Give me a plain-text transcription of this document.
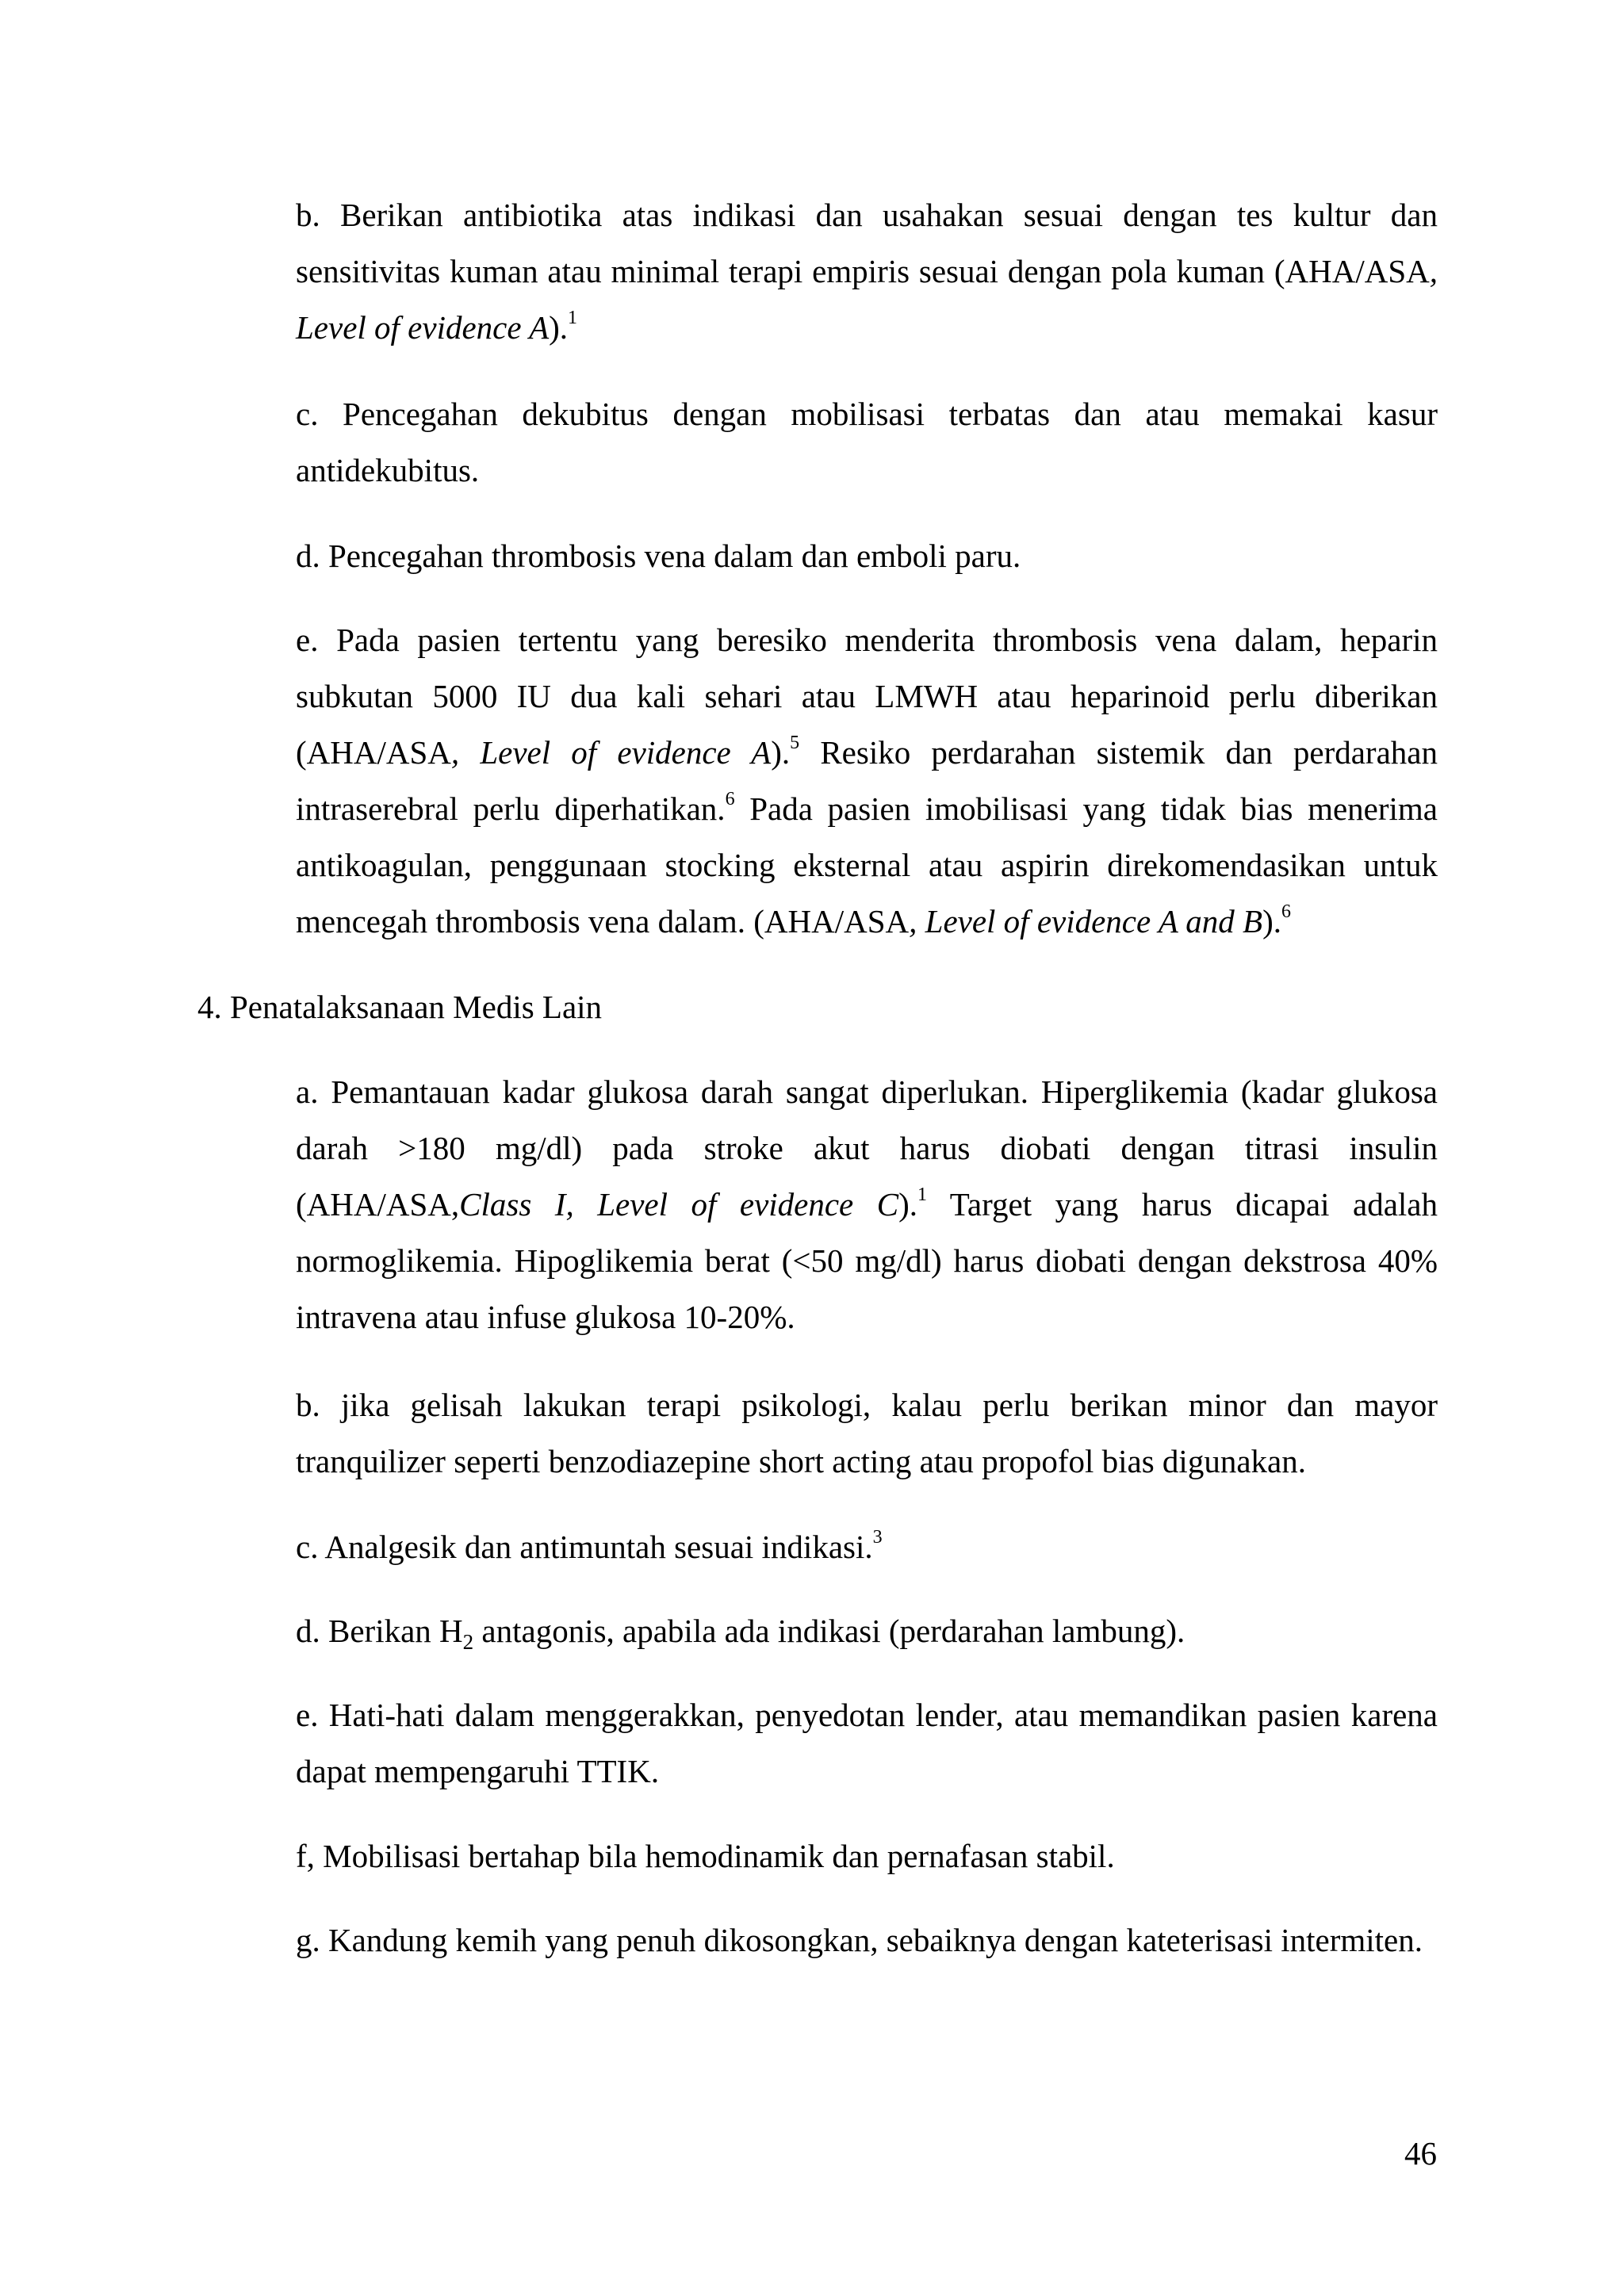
b. Berikan antibiotika atas indikasi dan usahakan sesuai dengan tes kultur dan sensitivitas kuman atau minimal terapi empiris sesuai dengan pola kuman (AHA/ASA, Level of evidence A).$^1$

c. Pencegahan dekubitus dengan mobilisasi terbatas dan atau memakai kasur antidekubitus.

d. Pencegahan thrombosis vena dalam dan emboli paru.

e. Pada pasien tertentu yang beresiko menderita thrombosis vena dalam, heparin subkutan 5000 IU dua kali sehari atau LMWH atau heparinoid perlu diberikan (AHA/ASA, Level of evidence A).$^5$ Resiko perdarahan sistemik dan perdarahan intraserebral perlu diperhatikan.$^6$ Pada pasien imobilisasi yang tidak bias menerima antikoagulan, penggunaan stocking eksternal atau aspirin direkomendasikan untuk mencegah thrombosis vena dalam. (AHA/ASA, Level of evidence A and B).$^6$

4. Penatalaksanaan Medis Lain

a. Pemantauan kadar glukosa darah sangat diperlukan. Hiperglikemia (kadar glukosa darah >180 mg/dl) pada stroke akut harus diobati dengan titrasi insulin (AHA/ASA,Class I, Level of evidence C).$^1$ Target yang harus dicapai adalah normoglikemia. Hipoglikemia berat (<50 mg/dl) harus diobati dengan dekstrosa 40% intravena atau infuse glukosa 10-20%.

b. jika gelisah lakukan terapi psikologi, kalau perlu berikan minor dan mayor tranquilizer seperti benzodiazepine short acting atau propofol bias digunakan.

c. Analgesik dan antimuntah sesuai indikasi.$^3$

d. Berikan $H_2$ antagonis, apabila ada indikasi (perdarahan lambung).

e. Hati-hati dalam menggerakkan, penyedotan lender, atau memandikan pasien karena dapat mempengaruhi TTIK.

f, Mobilisasi bertahap bila hemodinamik dan pernafasan stabil.

g. Kandung kemih yang penuh dikosongkan, sebaiknya dengan kateterisasi intermiten.

46
